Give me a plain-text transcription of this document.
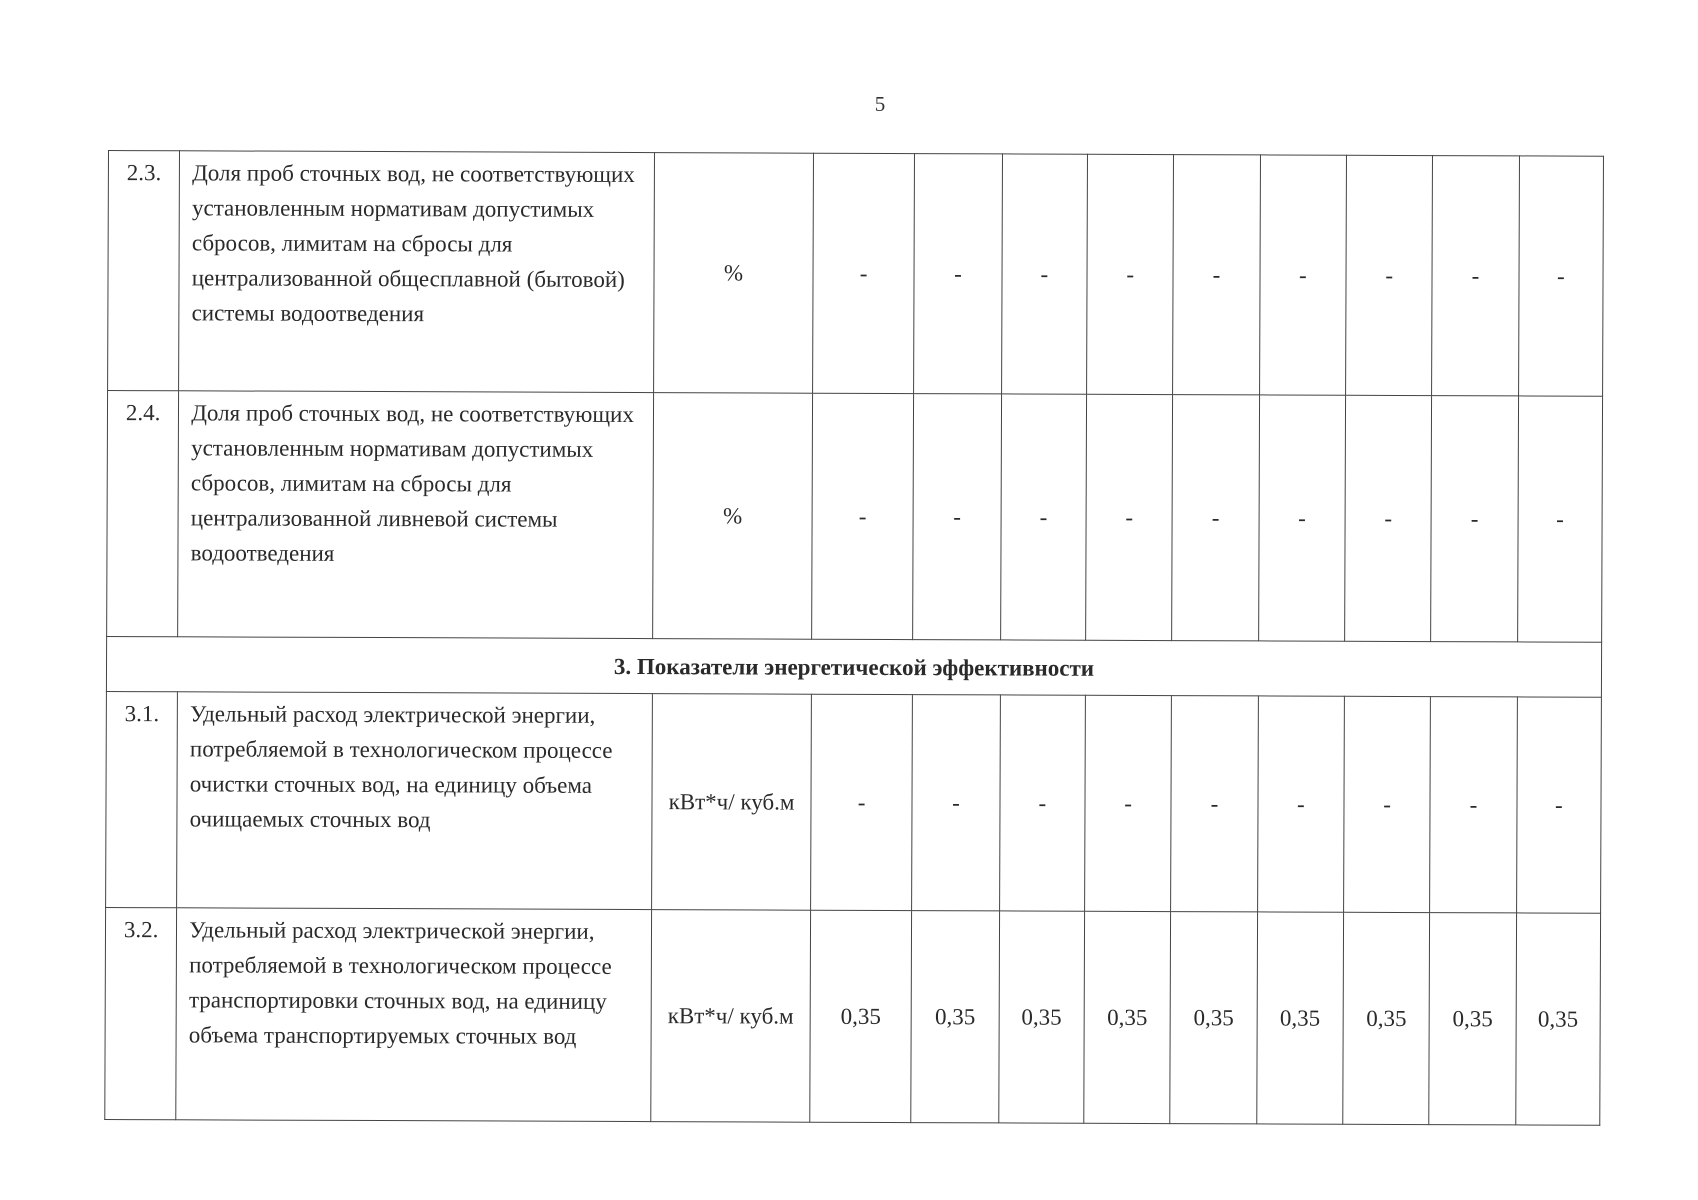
5
2.3.	Доля проб сточных вод, не соответствующих установленным нормативам допустимых сбросов, лимитам на сбросы для централизованной общесплавной (бытовой) системы водоотведения	%	-	-	-	-	-	-	-	-	-
2.4.	Доля проб сточных вод, не соответствующих установленным нормативам допустимых сбросов, лимитам на сбросы для централизованной ливневой системы водоотведения	%	-	-	-	-	-	-	-	-	-
3. Показатели энергетической эффективности											
3.1.	Удельный расход электрической энергии, потребляемой в технологическом процессе очистки сточных вод, на единицу объема очищаемых сточных вод	кВт*ч/ куб.м	-	-	-	-	-	-	-	-	-
3.2.	Удельный расход электрической энергии, потребляемой в технологическом процессе транспортировки сточных вод, на единицу объема транспортируемых сточных вод	кВт*ч/ куб.м	0,35	0,35	0,35	0,35	0,35	0,35	0,35	0,35	0,35
